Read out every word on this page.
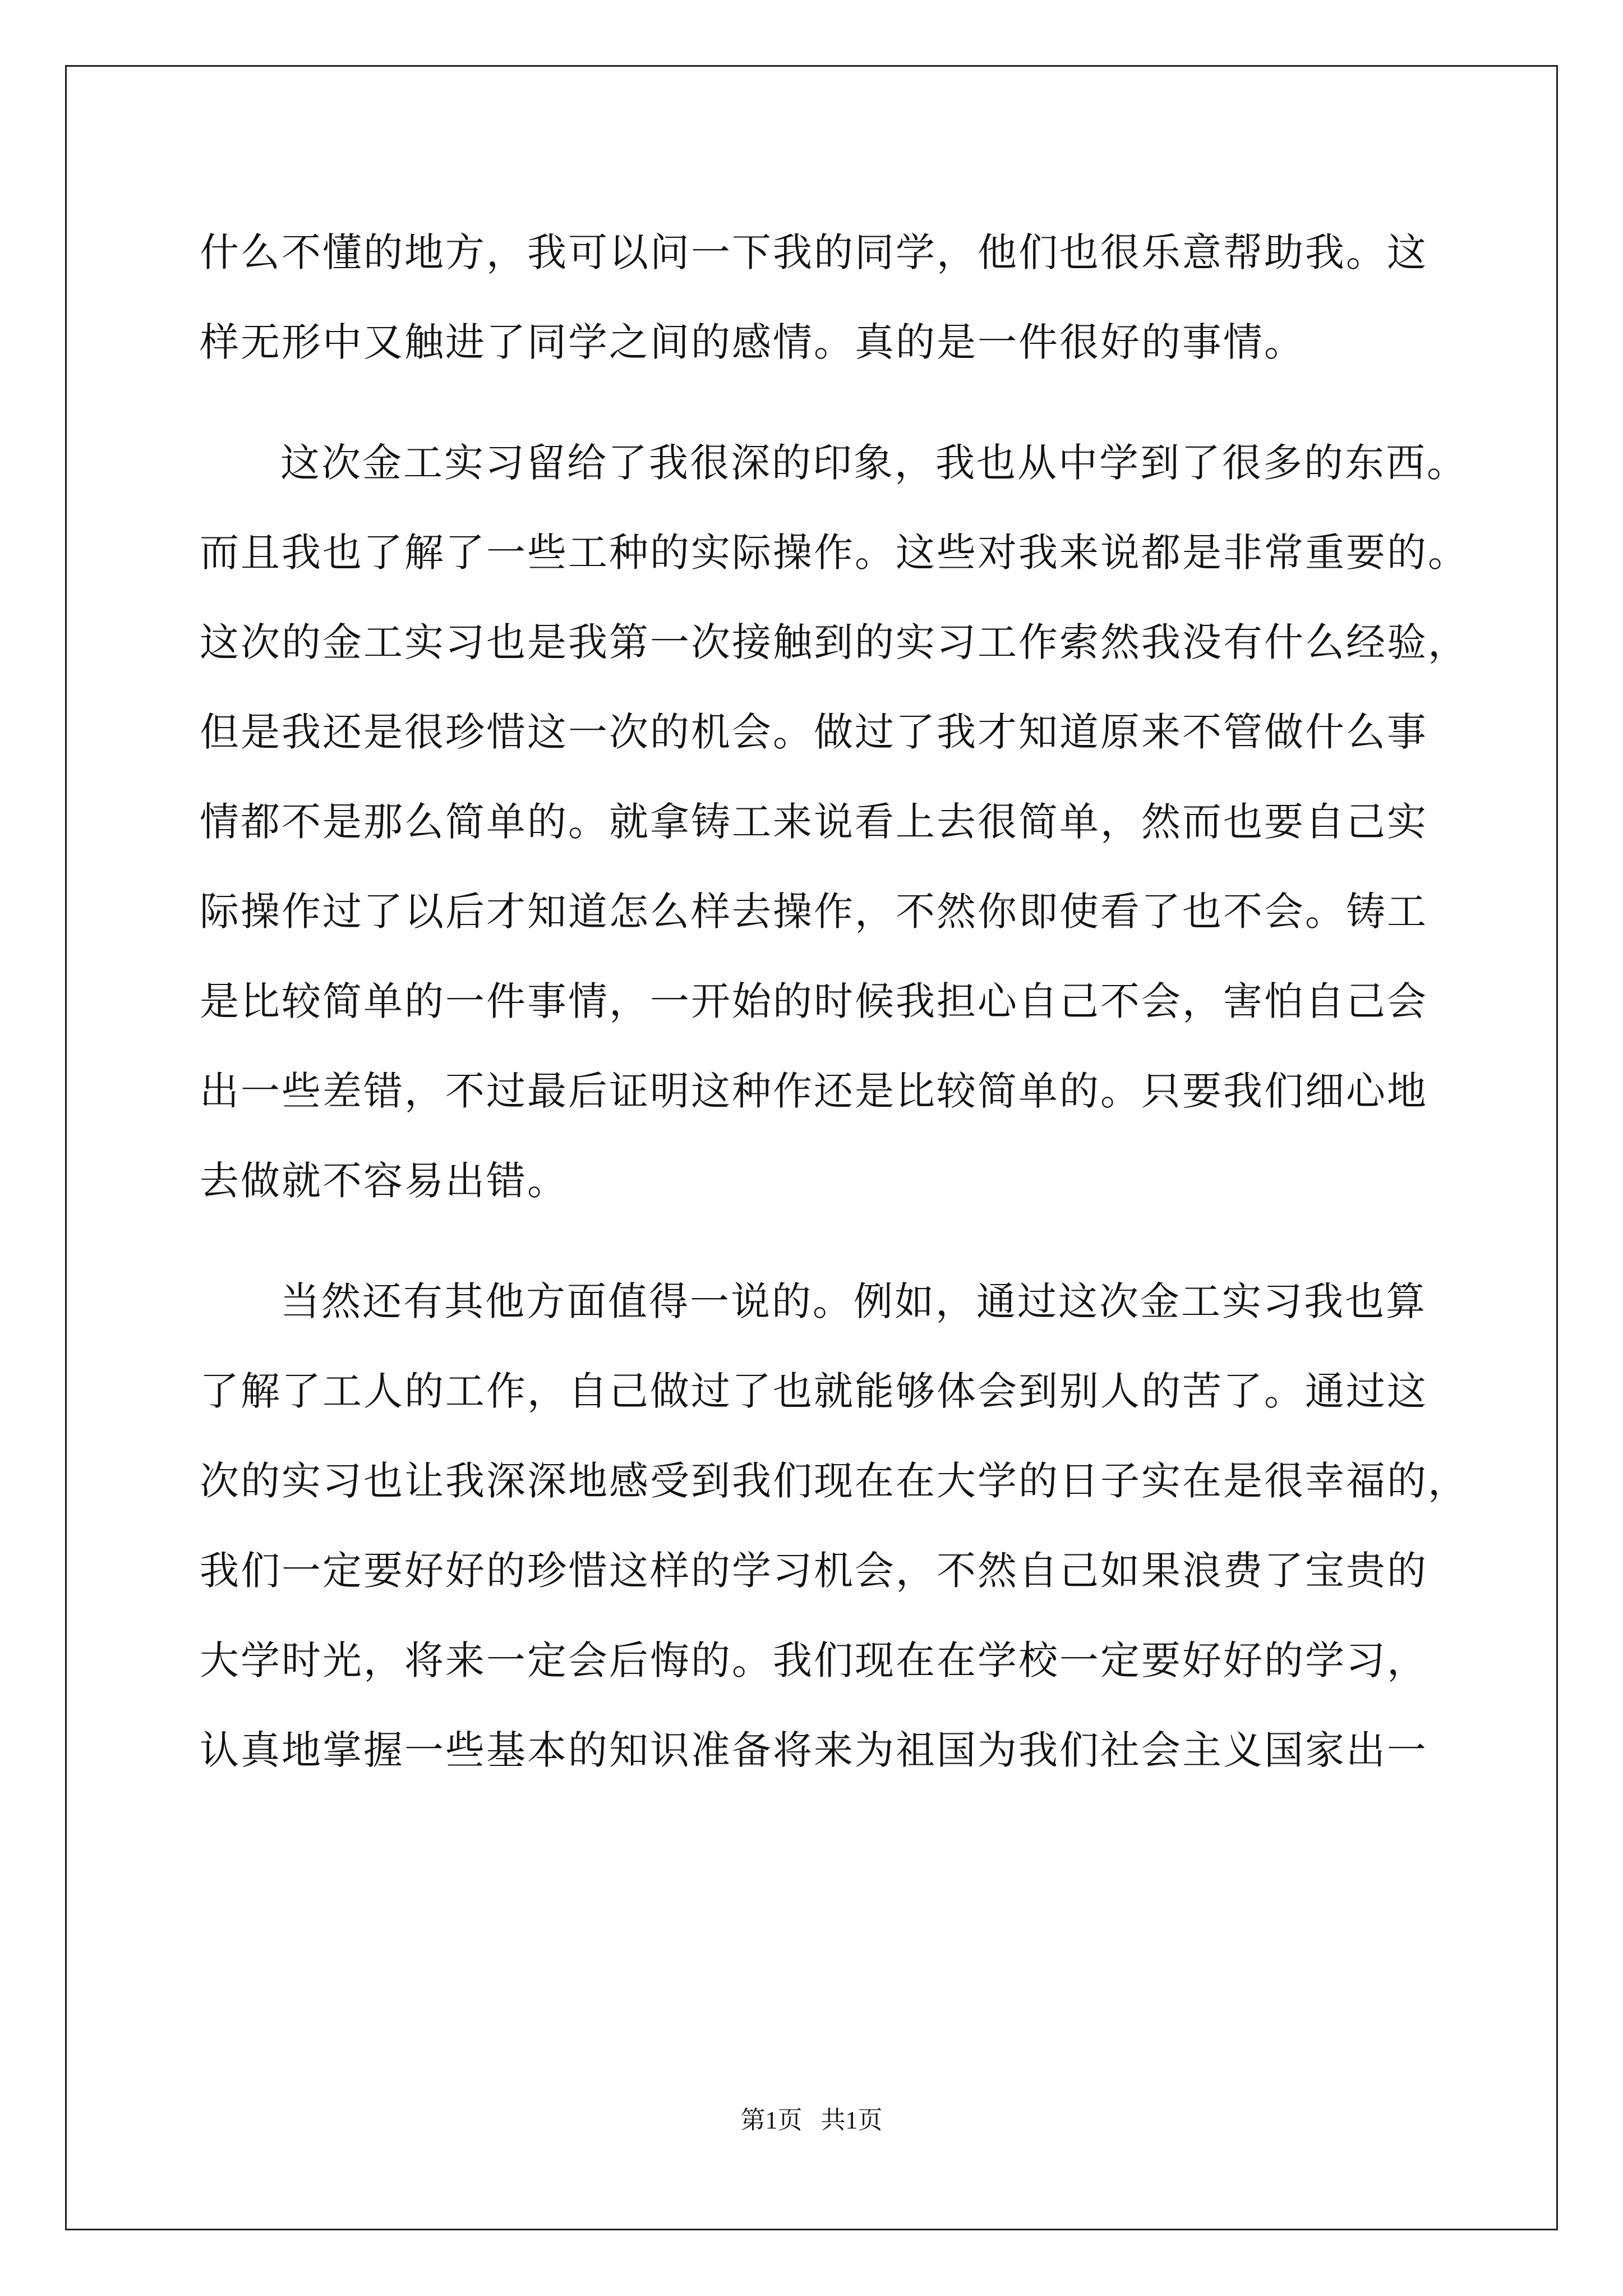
什么不懂的地方，我可以问一下我的同学，他们也很乐意帮助我。这
样无形中又触进了同学之间的感情。真的是一件很好的事情。
这次金工实习留给了我很深的印象，我也从中学到了很多的东西。
而且我也了解了一些工种的实际操作。这些对我来说都是非常重要的。
这次的金工实习也是我第一次接触到的实习工作索然我没有什么经验，
但是我还是很珍惜这一次的机会。做过了我才知道原来不管做什么事
情都不是那么简单的。就拿铸工来说看上去很简单，然而也要自己实
际操作过了以后才知道怎么样去操作，不然你即使看了也不会。铸工
是比较简单的一件事情，一开始的时候我担心自己不会，害怕自己会
出一些差错，不过最后证明这种作还是比较简单的。只要我们细心地
去做就不容易出错。
当然还有其他方面值得一说的。例如，通过这次金工实习我也算
了解了工人的工作，自己做过了也就能够体会到别人的苦了。通过这
次的实习也让我深深地感受到我们现在在大学的日子实在是很幸福的，
我们一定要好好的珍惜这样的学习机会，不然自己如果浪费了宝贵的
大学时光，将来一定会后悔的。我们现在在学校一定要好好的学习，
认真地掌握一些基本的知识准备将来为祖国为我们社会主义国家出一
第1页   共1页
